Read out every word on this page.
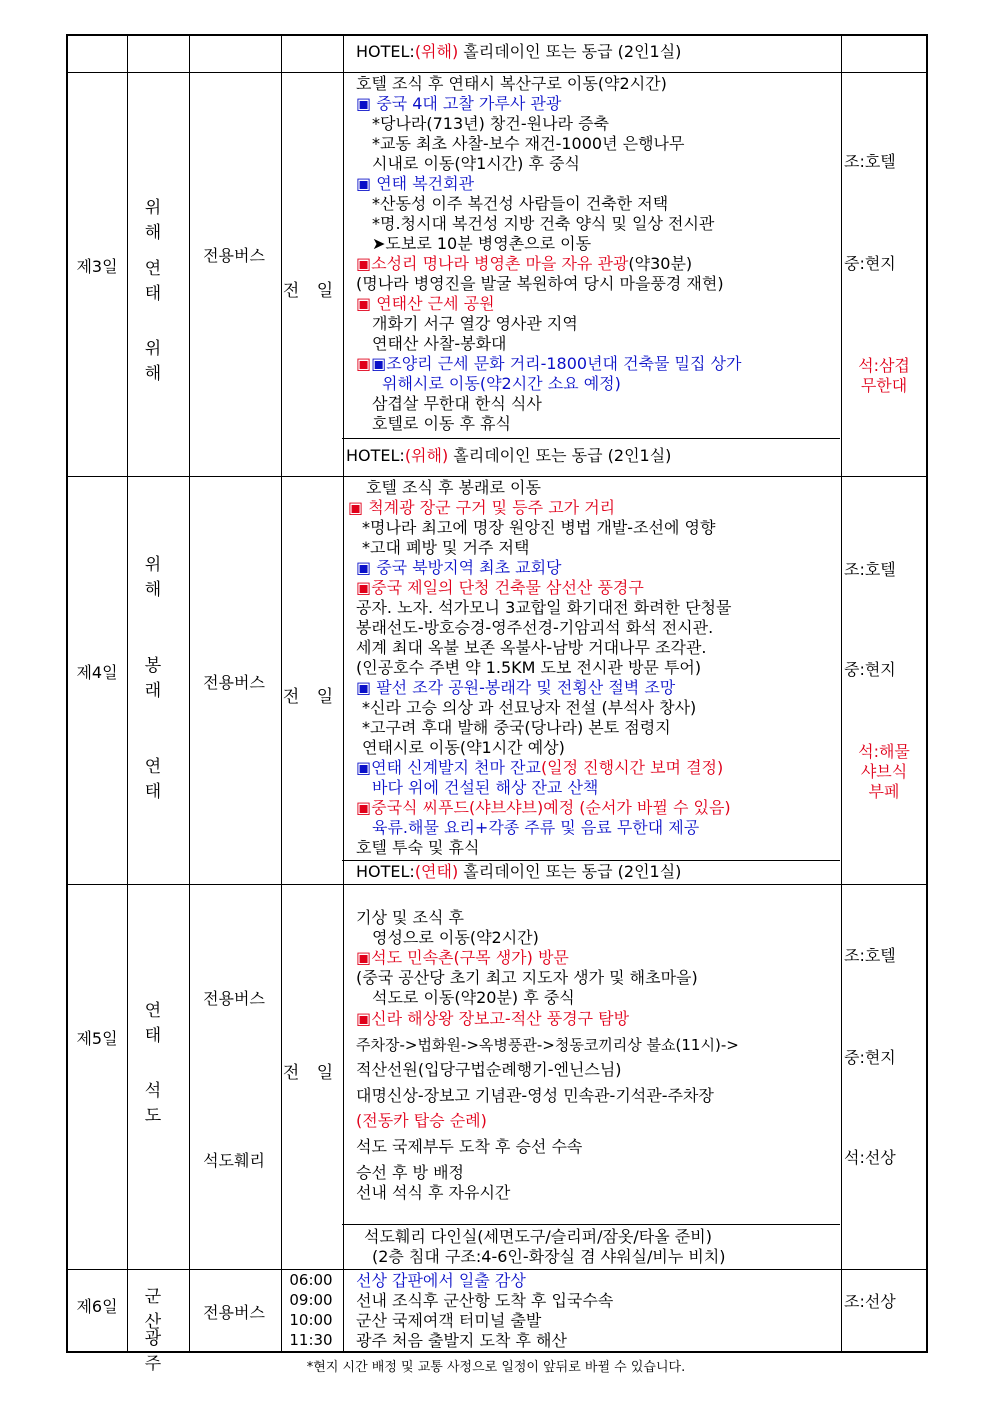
HOTEL:(위해) 홀리데이인 또는 동급 (2인1실)
제3일
위 해
연 태
위 해
전용버스
전 일
호텔 조식 후 연태시 복산구로 이동(약2시간)
▣ 중국 4대 고찰 가루사 관광
*당나라(713년) 창건-원나라 증축
*교동 최초 사찰-보수 재건-1000년 은행나무
시내로 이동(약1시간) 후 중식
▣ 연태 복건회관
*산동성 이주 복건성 사람들이 건축한 저택
*명.청시대 복건성 지방 건축 양식 및 일상 전시관
➤도보로 10분 병영촌으로 이동
▣소성리 명나라 병영촌 마을 자유 관광(약30분)
(명나라 병영진을 발굴 복원하여 당시 마을풍경 재현)
▣ 연태산 근세 공원
개화기 서구 열강 영사관 지역
연태산 사찰-봉화대
▣▣조양리 근세 문화 거리-1800년대 건축물 밀집 상가
위해시로 이동(약2시간 소요 예정)
삼겹살 무한대 한식 식사
호텔로 이동 후 휴식
HOTEL:(위해) 홀리데이인 또는 동급 (2인1실)
조:호텔
중:현지
석:삼겹
무한대
제4일
위 해
봉 래
연 태
전용버스
전 일
호텔 조식 후 봉래로 이동
▣ 척계광 장군 구거 및 등주 고가 거리
*명나라 최고에 명장 원앙진 병법 개발-조선에 영향
*고대 폐방 및 거주 저택
▣ 중국 북방지역 최초 교회당
▣중국 제일의 단청 건축물 삼선산 풍경구
공자. 노자. 석가모니 3교합일 화기대전 화려한 단청물
봉래선도-방호승경-영주선경-기암괴석 화석 전시관.
세계 최대 옥불 보존 옥불사-남방 거대나무 조각관.
(인공호수 주변 약 1.5KM 도보 전시관 방문 투어)
▣ 팔선 조각 공원-봉래각 및 전횡산 절벽 조망
*신라 고승 의상 과 선묘낭자 전설 (부석사 창사)
*고구려 후대 발해 중국(당나라) 본토 점령지
연태시로 이동(약1시간 예상)
▣연태 신계발지 천마 잔교(일정 진행시간 보며 결정)
바다 위에 건설된 해상 잔교 산책
▣중국식 씨푸드(샤브샤브)예정 (순서가 바뀔 수 있음)
육류.해물 요리+각종 주류 및 음료 무한대 제공
호텔 투숙 및 휴식
HOTEL:(연태) 홀리데이인 또는 동급 (2인1실)
조:호텔
중:현지
석:해물
샤브식
부페
제5일
연 태
석 도
전용버스
석도훼리
전 일
기상 및 조식 후
영성으로 이동(약2시간)
▣석도 민속촌(구목 생가) 방문
(중국 공산당 초기 최고 지도자 생가 및 해초마을)
석도로 이동(약20분) 후 중식
▣신라 해상왕 장보고-적산 풍경구 탐방
주차장->법화원->옥병풍관->청동코끼리상 불쇼(11시)->
적산선원(입당구법순례행기-엔닌스님)
대명신상-장보고 기념관-영성 민속관-기석관-주차장
(전동카 탑승 순례)
석도 국제부두 도착 후 승선 수속
승선 후 방 배정
선내 석식 후 자유시간
석도훼리 다인실(세면도구/슬리퍼/잠옷/타올 준비)
(2층 침대 구조:4-6인-화장실 겸 샤워실/비누 비치)
조:호텔
중:현지
석:선상
제6일	군 산
광 주
전용버스
06:00
09:00
10:00
11:30
선상 갑판에서 일출 감상
선내 조식후 군산항 도착 후 입국수속
군산 국제여객 터미널 출발
광주 처음 출발지 도착 후 해산
조:선상
*현지 시간 배정 및 교통 사정으로 일정이 앞뒤로 바뀔 수 있습니다.
